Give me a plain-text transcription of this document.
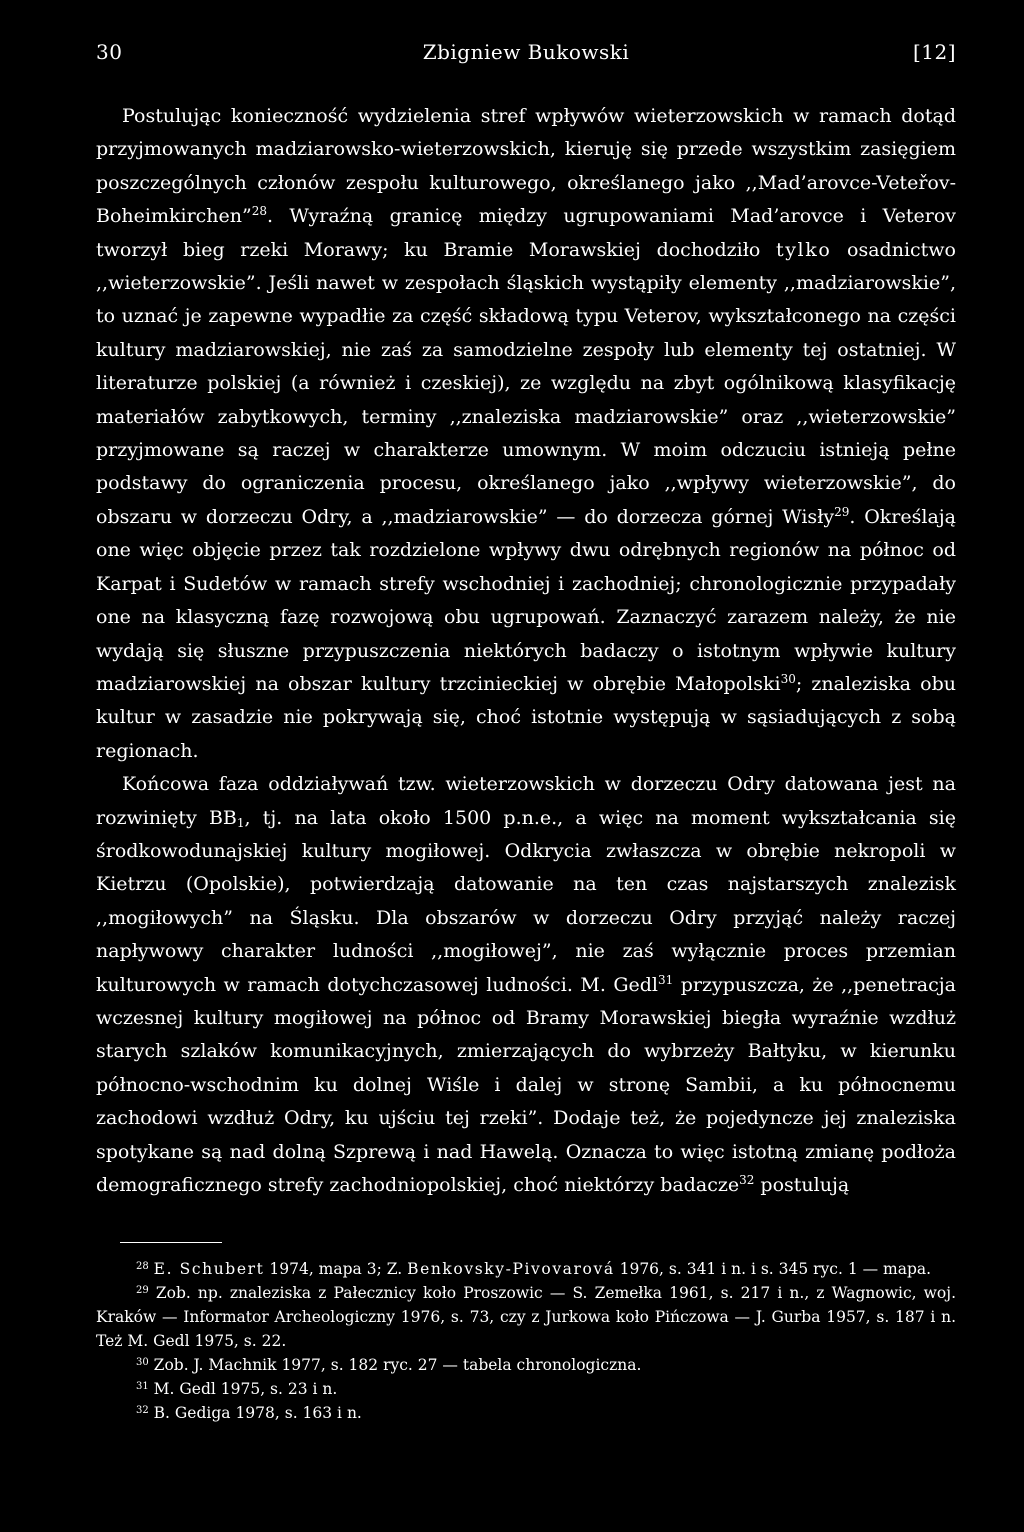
30	Zbigniew Bukowski	[12]

Postulując konieczność wydzielenia stref wpływów wieterzowskich w ramach dotąd przyjmowanych madziarowsko-wieterzowskich, kieruję się przede wszystkim zasięgiem poszczególnych członów zespołu kulturowego, określanego jako ,,Mad’arovce-Veteřov-Boheimkirchen”$^{28}$. Wyraźną granicę między ugrupowaniami Mad’arovce i Veterov tworzył bieg rzeki Morawy; ku Bramie Morawskiej dochodziło tylko osadnictwo ,,wieterzowskie”. Jeśli nawet w zespołach śląskich wystąpiły elementy ,,madziarowskie”, to uznać je zapewne wypadłie za część składową typu Veterov, wykształconego na części kultury madziarowskiej, nie zaś za samodzielne zespoły lub elementy tej ostatniej. W literaturze polskiej (a również i czeskiej), ze względu na zbyt ogólnikową klasyfikację materiałów zabytkowych, terminy ,,znaleziska madziarowskie” oraz ,,wieterzowskie” przyjmowane są raczej w charakterze umownym. W moim odczuciu istnieją pełne podstawy do ograniczenia procesu, określanego jako ,,wpływy wieterzowskie”, do obszaru w dorzeczu Odry, a ,,madziarowskie” — do dorzecza górnej Wisły$^{29}$. Określają one więc objęcie przez tak rozdzielone wpływy dwu odrębnych regionów na północ od Karpat i Sudetów w ramach strefy wschodniej i zachodniej; chronologicznie przypadały one na klasyczną fazę rozwojową obu ugrupowań. Zaznaczyć zarazem należy, że nie wydają się słuszne przypuszczenia niektórych badaczy o istotnym wpływie kultury madziarowskiej na obszar kultury trzcinieckiej w obrębie Małopolski$^{30}$; znaleziska obu kultur w zasadzie nie pokrywają się, choć istotnie występują w sąsiadujących z sobą regionach.

Końcowa faza oddziaływań tzw. wieterzowskich w dorzeczu Odry datowana jest na rozwinięty $BB_1$, tj. na lata około 1500 p.n.e., a więc na moment wykształcania się środkowodunajskiej kultury mogiłowej. Odkrycia zwłaszcza w obrębie nekropoli w Kietrzu (Opolskie), potwierdzają datowanie na ten czas najstarszych znalezisk ,,mogiłowych” na Śląsku. Dla obszarów w dorzeczu Odry przyjąć należy raczej napływowy charakter ludności ,,mogiłowej”, nie zaś wyłącznie proces przemian kulturowych w ramach dotychczasowej ludności. M. Gedl$^{31}$ przypuszcza, że ,,penetracja wczesnej kultury mogiłowej na północ od Bramy Morawskiej biegła wyraźnie wzdłuż starych szlaków komunikacyjnych, zmierzających do wybrzeży Bałtyku, w kierunku północno-wschodnim ku dolnej Wiśle i dalej w stronę Sambii, a ku północnemu zachodowi wzdłuż Odry, ku ujściu tej rzeki”. Dodaje też, że pojedyncze jej znaleziska spotykane są nad dolną Szprewą i nad Hawelą. Oznacza to więc istotną zmianę podłoża demograficznego strefy zachodniopolskiej, choć niektórzy badacze$^{32}$ postulują

$^{28}$ E. Schubert 1974, mapa 3; Z. Benkovsky-Pivovarová 1976, s. 341 i n. i s. 345 ryc. 1 — mapa.

$^{29}$ Zob. np. znaleziska z Pałecznicy koło Proszowic — S. Zemełka 1961, s. 217 i n., z Wagnowic, woj. Kraków — Informator Archeologiczny 1976, s. 73, czy z Jurkowa koło Pińczowa — J. Gurba 1957, s. 187 i n. Też M. Gedl 1975, s. 22.

$^{30}$ Zob. J. Machnik 1977, s. 182 ryc. 27 — tabela chronologiczna.

$^{31}$ M. Gedl 1975, s. 23 i n.

$^{32}$ B. Gediga 1978, s. 163 i n.
